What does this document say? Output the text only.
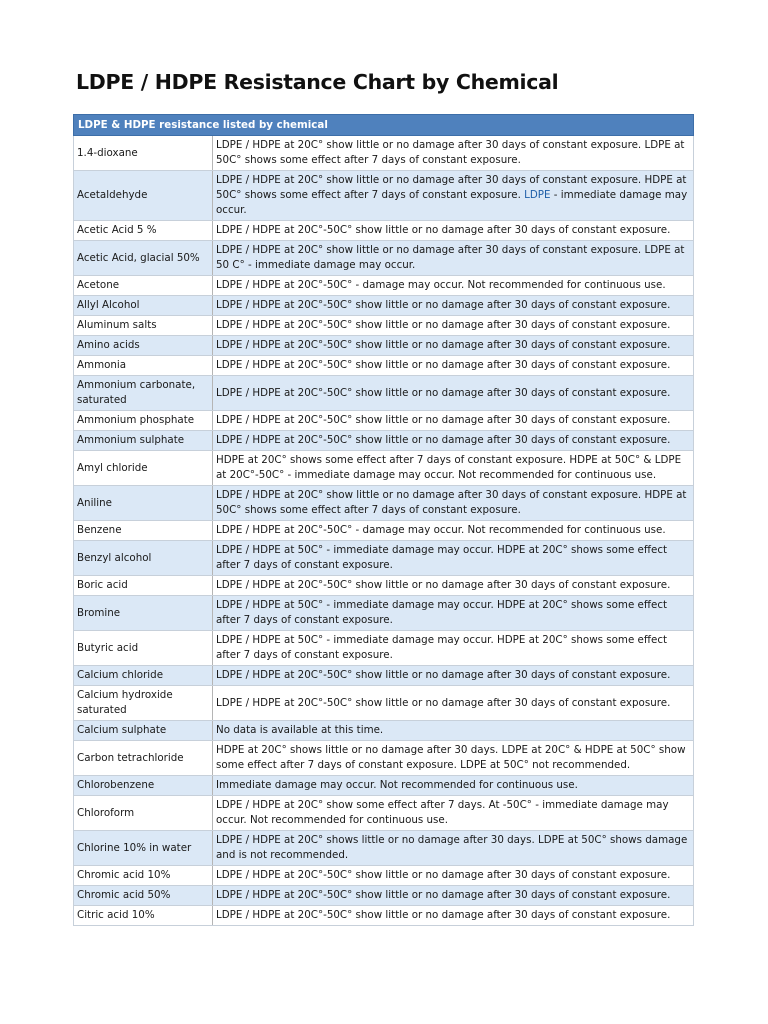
LDPE / HDPE Resistance Chart by Chemical
LDPE & HDPE resistance listed by chemical	
1.4-dioxane	LDPE / HDPE at 20C° show little or no damage after 30 days of constant exposure. LDPE at 50C° shows some effect after 7 days of constant exposure.
Acetaldehyde	LDPE / HDPE at 20C° show little or no damage after 30 days of constant exposure. HDPE at 50C° shows some effect after 7 days of constant exposure. LDPE - immediate damage may occur.
Acetic Acid 5 %	LDPE / HDPE at 20C°-50C° show little or no damage after 30 days of constant exposure.
Acetic Acid, glacial 50%	LDPE / HDPE at 20C° show little or no damage after 30 days of constant exposure. LDPE at 50 C° - immediate damage may occur.
Acetone	LDPE / HDPE at 20C°-50C° - damage may occur. Not recommended for continuous use.
Allyl Alcohol	LDPE / HDPE at 20C°-50C° show little or no damage after 30 days of constant exposure.
Aluminum salts	LDPE / HDPE at 20C°-50C° show little or no damage after 30 days of constant exposure.
Amino acids	LDPE / HDPE at 20C°-50C° show little or no damage after 30 days of constant exposure.
Ammonia	LDPE / HDPE at 20C°-50C° show little or no damage after 30 days of constant exposure.
Ammonium carbonate, saturated	LDPE / HDPE at 20C°-50C° show little or no damage after 30 days of constant exposure.
Ammonium phosphate	LDPE / HDPE at 20C°-50C° show little or no damage after 30 days of constant exposure.
Ammonium sulphate	LDPE / HDPE at 20C°-50C° show little or no damage after 30 days of constant exposure.
Amyl chloride	HDPE at 20C° shows some effect after 7 days of constant exposure. HDPE at 50C° & LDPE at 20C°-50C° - immediate damage may occur. Not recommended for continuous use.
Aniline	LDPE / HDPE at 20C° show little or no damage after 30 days of constant exposure. HDPE at 50C° shows some effect after 7 days of constant exposure.
Benzene	LDPE / HDPE at 20C°-50C° - damage may occur. Not recommended for continuous use.
Benzyl alcohol	LDPE / HDPE at 50C° - immediate damage may occur. HDPE at 20C° shows some effect after 7 days of constant exposure.
Boric acid	LDPE / HDPE at 20C°-50C° show little or no damage after 30 days of constant exposure.
Bromine	LDPE / HDPE at 50C° - immediate damage may occur. HDPE at 20C° shows some effect after 7 days of constant exposure.
Butyric acid	LDPE / HDPE at 50C° - immediate damage may occur. HDPE at 20C° shows some effect after 7 days of constant exposure.
Calcium chloride	LDPE / HDPE at 20C°-50C° show little or no damage after 30 days of constant exposure.
Calcium hydroxide saturated	LDPE / HDPE at 20C°-50C° show little or no damage after 30 days of constant exposure.
Calcium sulphate	No data is available at this time.
Carbon tetrachloride	HDPE at 20C° shows little or no damage after 30 days. LDPE at 20C° & HDPE at 50C° show some effect after 7 days of constant exposure. LDPE at 50C° not recommended.
Chlorobenzene	Immediate damage may occur. Not recommended for continuous use.
Chloroform	LDPE / HDPE at 20C° show some effect after 7 days. At -50C° - immediate damage may occur. Not recommended for continuous use.
Chlorine 10% in water	LDPE / HDPE at 20C° shows little or no damage after 30 days. LDPE at 50C° shows damage and is not recommended.
Chromic acid 10%	LDPE / HDPE at 20C°-50C° show little or no damage after 30 days of constant exposure.
Chromic acid 50%	LDPE / HDPE at 20C°-50C° show little or no damage after 30 days of constant exposure.
Citric acid 10%	LDPE / HDPE at 20C°-50C° show little or no damage after 30 days of constant exposure.
